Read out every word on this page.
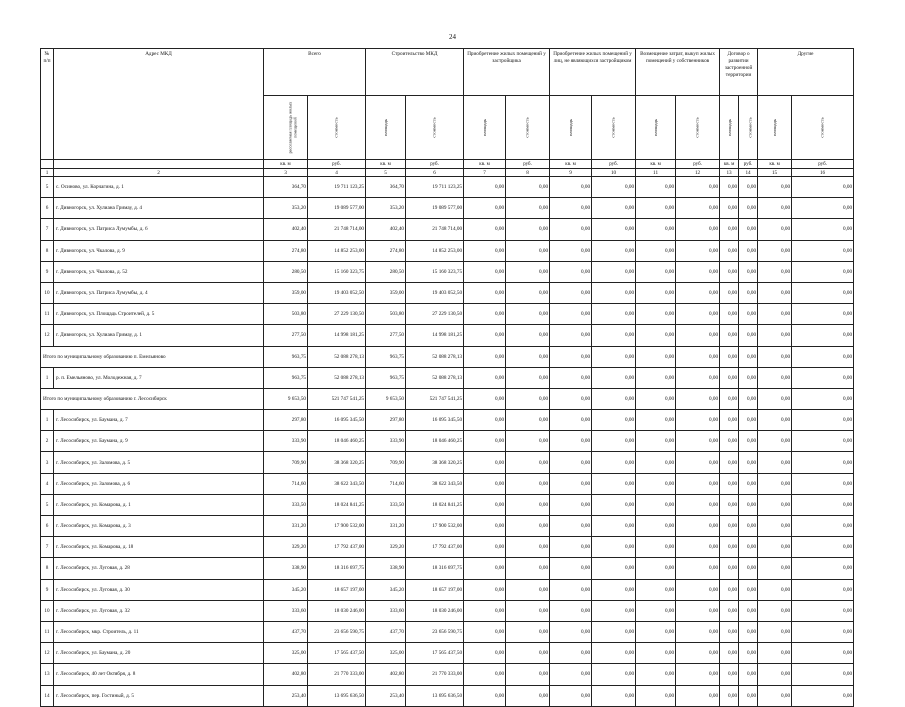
24
№ п/п	Адрес МКД	Всего		Строительство МКД		Приобретение жилых помещений у застройщика		Приобретение жилых помещений у лиц, не являющихся застройщиком		Возмещение затрат, выкуп жилых помещений у собственников		Договор о развитии застроенной территории		Другие	
		расселяемая площадь жилых помещений	стоимость	площадь	стоимость	площадь	стоимость	площадь	стоимость	площадь	стоимость	площадь	стоимость	площадь	стоимость
		кв. м	руб.	кв. м	руб.	кв. м	руб.	кв. м	руб.	кв. м	руб.	кв. м	руб.	кв. м	руб.
1	2	3	4	5	6	7	8	9	10	11	12	13	14	15	16
5	с. Осиново, ул. Корчагина, д. 1	364,70	19 711 123,25	364,70	19 711 123,25	0,00	0,00	0,00	0,00	0,00	0,00	0,00	0,00	0,00	0,00
6	г. Дивногорск, ул. Хулиана Гримау, д. 4	353,20	19 089 577,00	353,20	19 089 577,00	0,00	0,00	0,00	0,00	0,00	0,00	0,00	0,00	0,00	0,00
7	г. Дивногорск, ул. Патриса Лумумбы, д. 6	402,40	21 748 714,00	402,40	21 748 714,00	0,00	0,00	0,00	0,00	0,00	0,00	0,00	0,00	0,00	0,00
8	г. Дивногорск, ул. Чкалова, д. 9	274,80	14 852 253,00	274,80	14 852 253,00	0,00	0,00	0,00	0,00	0,00	0,00	0,00	0,00	0,00	0,00
9	г. Дивногорск, ул. Чкалова, д. 52	280,50	15 160 323,75	280,50	15 160 323,75	0,00	0,00	0,00	0,00	0,00	0,00	0,00	0,00	0,00	0,00
10	г. Дивногорск, ул. Патриса Лумумбы, д. 4	359,00	19 403 052,50	359,00	19 403 052,50	0,00	0,00	0,00	0,00	0,00	0,00	0,00	0,00	0,00	0,00
11	г. Дивногорск, ул. Площадь Строителей, д. 5	503,80	27 229 130,50	503,80	27 229 130,50	0,00	0,00	0,00	0,00	0,00	0,00	0,00	0,00	0,00	0,00
12	г. Дивногорск, ул. Хулиана Гримау, д. 1	277,50	14 998 181,25	277,50	14 998 181,25	0,00	0,00	0,00	0,00	0,00	0,00	0,00	0,00	0,00	0,00
Итого по муниципальному образованию п. Емельяново		963,75	52 088 278,13	963,75	52 088 278,13	0,00	0,00	0,00	0,00	0,00	0,00	0,00	0,00	0,00	0,00
1	р. п. Емельяново, ул. Молодежная, д. 7	963,75	52 088 278,13	963,75	52 088 278,13	0,00	0,00	0,00	0,00	0,00	0,00	0,00	0,00	0,00	0,00
Итого по муниципальному образованию г. Лесосибирск		9 653,50	521 747 541,25	9 653,50	521 747 541,25	0,00	0,00	0,00	0,00	0,00	0,00	0,00	0,00	0,00	0,00
1	г. Лесосибирск, ул. Баумана, д. 7	297,80	16 095 345,50	297,80	16 095 345,50	0,00	0,00	0,00	0,00	0,00	0,00	0,00	0,00	0,00	0,00
2	г. Лесосибирск, ул. Баумана, д. 9	333,90	18 046 460,25	333,90	18 046 460,25	0,00	0,00	0,00	0,00	0,00	0,00	0,00	0,00	0,00	0,00
3	г. Лесосибирск, ул. Заломова, д. 5	709,90	38 368 320,25	709,90	38 368 320,25	0,00	0,00	0,00	0,00	0,00	0,00	0,00	0,00	0,00	0,00
4	г. Лесосибирск, ул. Заломова, д. 6	714,60	38 622 343,50	714,60	38 622 343,50	0,00	0,00	0,00	0,00	0,00	0,00	0,00	0,00	0,00	0,00
5	г. Лесосибирск, ул. Комарова, д. 1	333,50	18 024 841,25	333,50	18 024 841,25	0,00	0,00	0,00	0,00	0,00	0,00	0,00	0,00	0,00	0,00
6	г. Лесосибирск, ул. Комарова, д. 3	331,20	17 900 532,00	331,20	17 900 532,00	0,00	0,00	0,00	0,00	0,00	0,00	0,00	0,00	0,00	0,00
7	г. Лесосибирск, ул. Комарова, д. 18	329,20	17 792 437,00	329,20	17 792 437,00	0,00	0,00	0,00	0,00	0,00	0,00	0,00	0,00	0,00	0,00
8	г. Лесосибирск, ул. Луговая, д. 28	338,90	18 316 697,75	338,90	18 316 697,75	0,00	0,00	0,00	0,00	0,00	0,00	0,00	0,00	0,00	0,00
9	г. Лесосибирск, ул. Луговая, д. 30	345,20	18 657 197,00	345,20	18 657 197,00	0,00	0,00	0,00	0,00	0,00	0,00	0,00	0,00	0,00	0,00
10	г. Лесосибирск, ул. Луговая, д. 32	333,60	18 030 246,00	333,60	18 030 246,00	0,00	0,00	0,00	0,00	0,00	0,00	0,00	0,00	0,00	0,00
11	г. Лесосибирск, мкр. Строитель, д. 11	437,70	23 656 590,75	437,70	23 656 590,75	0,00	0,00	0,00	0,00	0,00	0,00	0,00	0,00	0,00	0,00
12	г. Лесосибирск, ул. Баумана, д. 20	325,00	17 565 437,50	325,00	17 565 437,50	0,00	0,00	0,00	0,00	0,00	0,00	0,00	0,00	0,00	0,00
13	г. Лесосибирск, 40 лет Октября, д. 8	402,80	21 770 333,00	402,80	21 770 333,00	0,00	0,00	0,00	0,00	0,00	0,00	0,00	0,00	0,00	0,00
14	г. Лесосибирск, пер. Гостиный, д. 5	253,40	13 695 636,50	253,40	13 695 636,50	0,00	0,00	0,00	0,00	0,00	0,00	0,00	0,00	0,00	0,00
